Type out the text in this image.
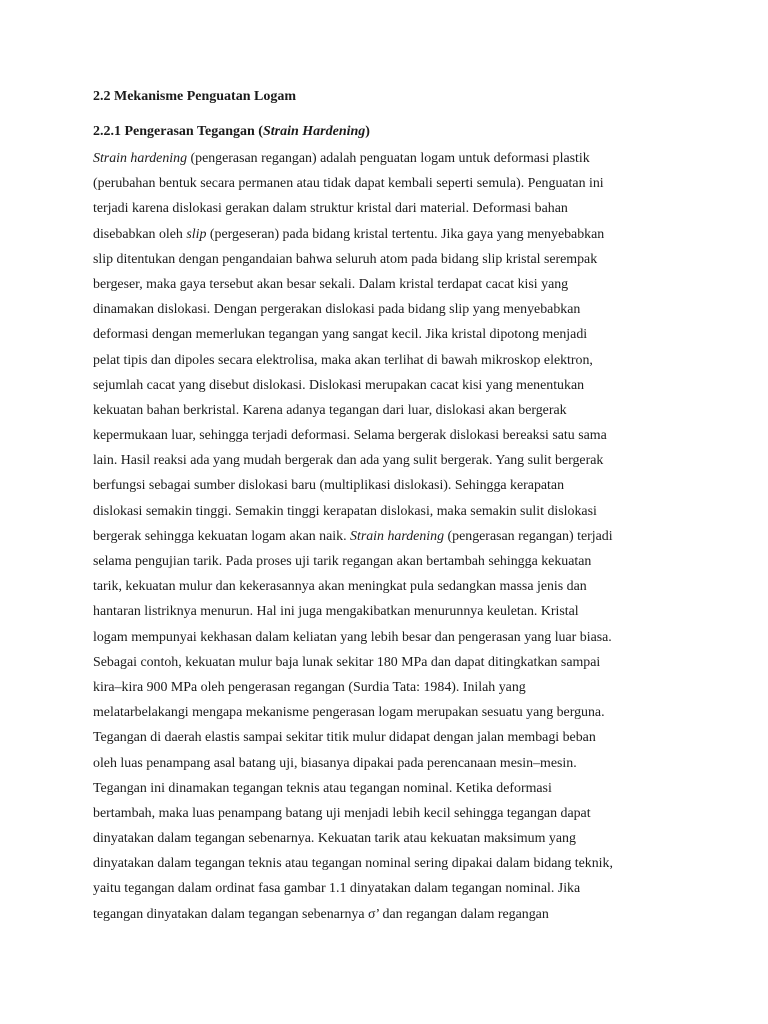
2.2 Mekanisme Penguatan Logam
2.2.1 Pengerasan Tegangan (Strain Hardening)
Strain hardening (pengerasan regangan) adalah penguatan logam untuk deformasi plastik
(perubahan bentuk secara permanen atau tidak dapat kembali seperti semula). Penguatan ini
terjadi karena dislokasi gerakan dalam struktur kristal dari material. Deformasi bahan
disebabkan oleh slip (pergeseran) pada bidang kristal tertentu. Jika gaya yang menyebabkan
slip ditentukan dengan pengandaian bahwa seluruh atom pada bidang slip kristal serempak
bergeser, maka gaya tersebut akan besar sekali. Dalam kristal terdapat cacat kisi yang
dinamakan dislokasi. Dengan pergerakan dislokasi pada bidang slip yang menyebabkan
deformasi dengan memerlukan tegangan yang sangat kecil. Jika kristal dipotong menjadi
pelat tipis dan dipoles secara elektrolisa, maka akan terlihat di bawah mikroskop elektron,
sejumlah cacat yang disebut dislokasi. Dislokasi merupakan cacat kisi yang menentukan
kekuatan bahan berkristal. Karena adanya tegangan dari luar, dislokasi akan bergerak
kepermukaan luar, sehingga terjadi deformasi. Selama bergerak dislokasi bereaksi satu sama
lain. Hasil reaksi ada yang mudah bergerak dan ada yang sulit bergerak. Yang sulit bergerak
berfungsi sebagai sumber dislokasi baru (multiplikasi dislokasi). Sehingga kerapatan
dislokasi semakin tinggi. Semakin tinggi kerapatan dislokasi, maka semakin sulit dislokasi
bergerak sehingga kekuatan logam akan naik. Strain hardening (pengerasan regangan) terjadi
selama pengujian tarik. Pada proses uji tarik regangan akan bertambah sehingga kekuatan
tarik, kekuatan mulur dan kekerasannya akan meningkat pula sedangkan massa jenis dan
hantaran listriknya menurun. Hal ini juga mengakibatkan menurunnya keuletan. Kristal
logam mempunyai kekhasan dalam keliatan yang lebih besar dan pengerasan yang luar biasa.
Sebagai contoh, kekuatan mulur baja lunak sekitar 180 MPa dan dapat ditingkatkan sampai
kira–kira 900 MPa oleh pengerasan regangan (Surdia Tata: 1984). Inilah yang
melatarbelakangi mengapa mekanisme pengerasan logam merupakan sesuatu yang berguna.
Tegangan di daerah elastis sampai sekitar titik mulur didapat dengan jalan membagi beban
oleh luas penampang asal batang uji, biasanya dipakai pada perencanaan mesin–mesin.
Tegangan ini dinamakan tegangan teknis atau tegangan nominal. Ketika deformasi
bertambah, maka luas penampang batang uji menjadi lebih kecil sehingga tegangan dapat
dinyatakan dalam tegangan sebenarnya. Kekuatan tarik atau kekuatan maksimum yang
dinyatakan dalam tegangan teknis atau tegangan nominal sering dipakai dalam bidang teknik,
yaitu tegangan dalam ordinat fasa gambar 1.1 dinyatakan dalam tegangan nominal. Jika
tegangan dinyatakan dalam tegangan sebenarnya σ’ dan regangan dalam regangan
